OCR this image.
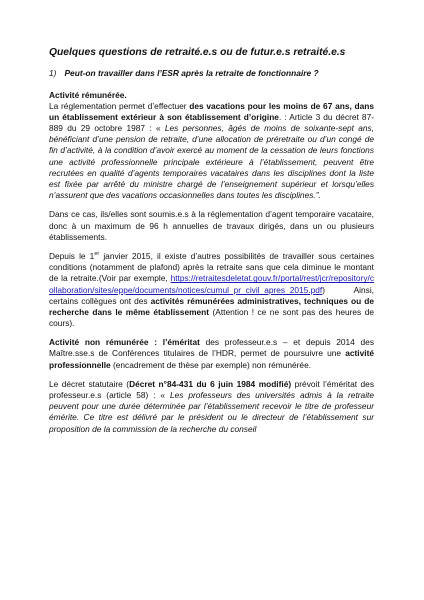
Quelques questions de retraité.e.s ou de futur.e.s retraité.e.s
1) Peut-on travailler dans l’ESR après la retraite de fonctionnaire ?
Activité rémunérée.

La réglementation permet d’effectuer des vacations pour les moins de 67 ans, dans un établissement extérieur à son établissement d’origine. : Article 3 du décret 87-889 du 29 octobre 1987 : « Les personnes, âgés de moins de soixante-sept ans, bénéficiant d’une pension de retraite, d’une allocation de préretraite ou d’un congé de fin d’activité, à la condition d’avoir exercé au moment de la cessation de leurs fonctions une activité professionnelle principale extérieure à l’établissement, peuvent être recrutées en qualité d’agents temporaires vacataires dans les disciplines dont la liste est fixée par arrêté du ministre chargé de l’enseignement supérieur et lorsqu’elles n’assurent que des vacations occasionnelles dans toutes les disciplines.”.

Dans ce cas, ils/elles sont soumis.e.s à la réglementation d’agent temporaire vacataire, donc à un maximum de 96 h annuelles de travaux dirigés, dans un ou plusieurs établissements.

Depuis le 1er janvier 2015, il existe d’autres possibilités de travailler sous certaines conditions (notamment de plafond) après la retraite sans que cela diminue le montant de la retraite.(Voir par exemple, https://retraitesdeletat.gouv.fr/portal/rest/jcr/repository/collaboration/sites/eppe/documents/notices/cumul_pr_civil_apres_2015.pdf) Ainsi, certains collègues ont des activités rémunérées administratives, techniques ou de recherche dans le même établissement (Attention ! ce ne sont pas des heures de cours).

Activité non rémunérée : l’éméritat des professeur.e.s – et depuis 2014 des Maître.sse.s de Conférences titulaires de l’HDR, permet de poursuivre une activité professionnelle (encadrement de thèse par exemple) non rémunérée.

Le décret statutaire (Décret n°84-431 du 6 juin 1984 modifié) prévoit l’éméritat des professeur.e.s (article 58) : « Les professeurs des universités admis à la retraite peuvent pour une durée déterminée par l’établissement recevoir le titre de professeur émérite. Ce titre est délivré par le président ou le directeur de l’établissement sur proposition de la commission de la recherche du conseil
